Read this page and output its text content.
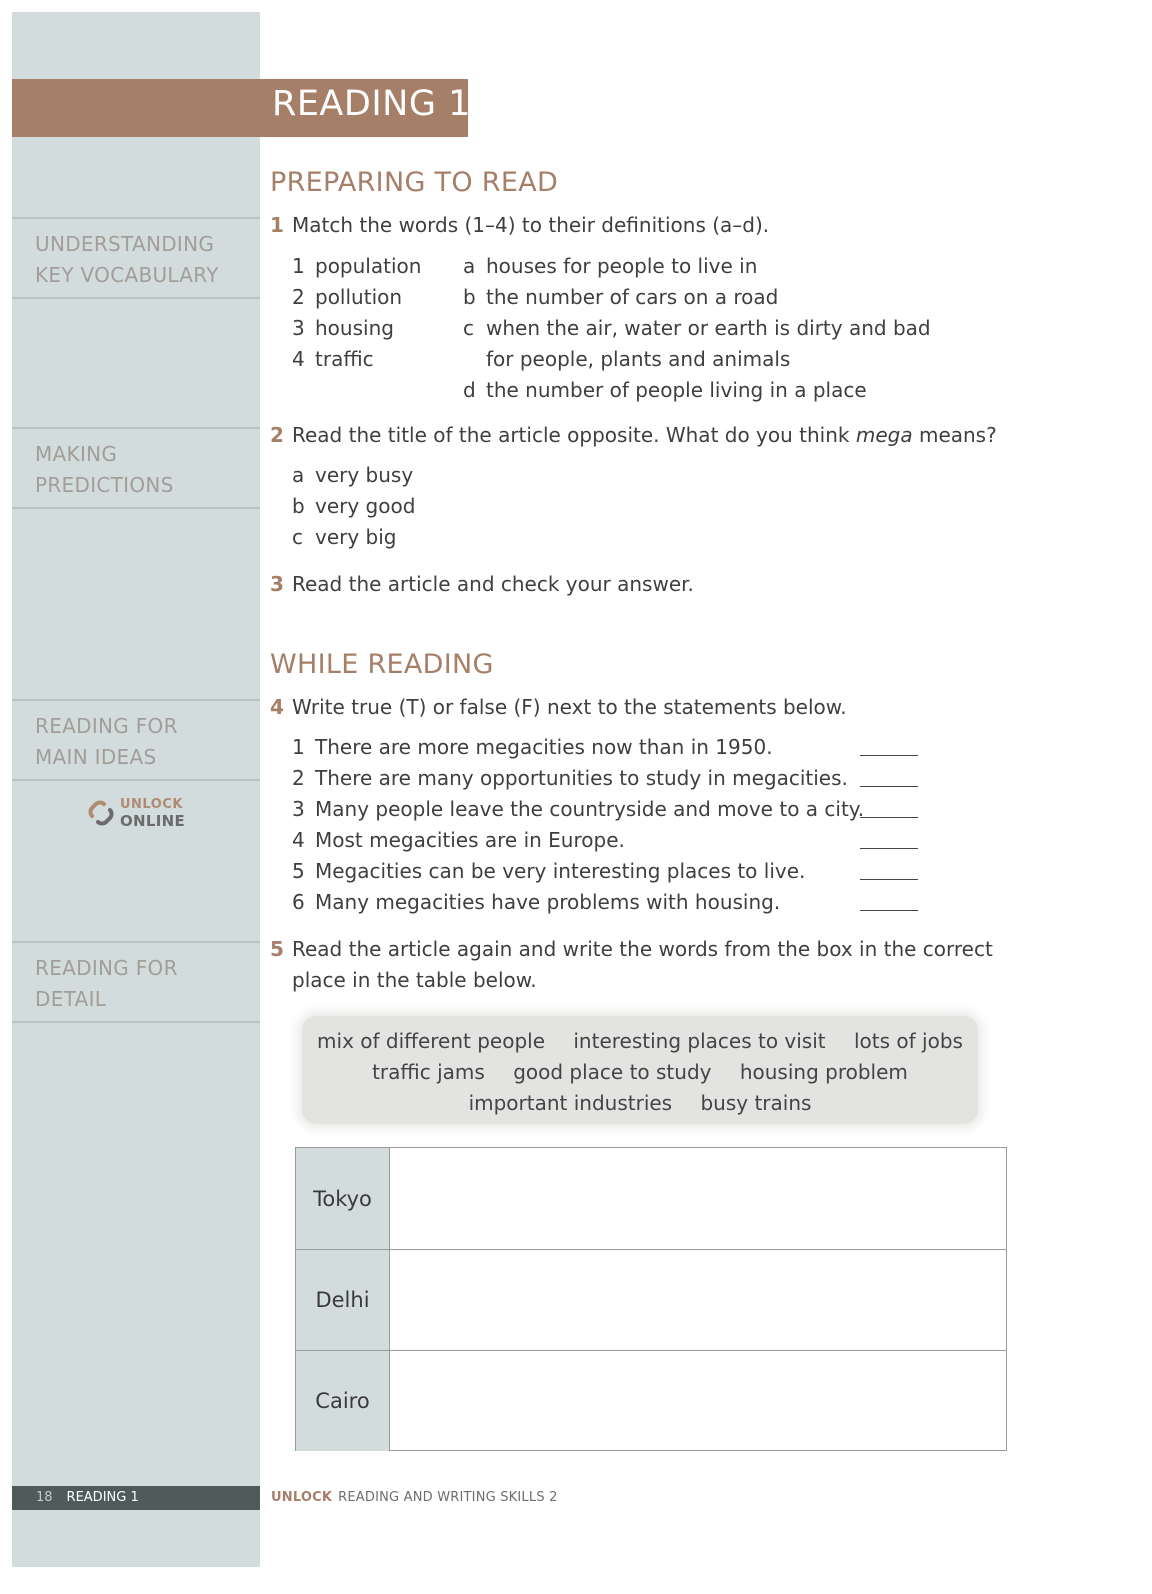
READING 1
UNDERSTANDING
KEY VOCABULARY
MAKING
PREDICTIONS
READING FOR
MAIN IDEAS
READING FOR
DETAIL
UNLOCK
ONLINE
PREPARING TO READ
1 Match the words (1–4) to their definitions (a–d).
1 population
2 pollution
3 housing
4 traffic
a houses for people to live in
b the number of cars on a road
c when the air, water or earth is dirty and bad
for people, plants and animals
d the number of people living in a place
2 Read the title of the article opposite. What do you think mega means?
a very busy
b very good
c very big
3 Read the article and check your answer.
WHILE READING
4 Write true (T) or false (F) next to the statements below.
1 There are more megacities now than in 1950.
2 There are many opportunities to study in megacities.
3 Many people leave the countryside and move to a city.
4 Most megacities are in Europe.
5 Megacities can be very interesting places to live.
6 Many megacities have problems with housing.
5 Read the article again and write the words from the box in the correct
place in the table below.
mix of different people interesting places to visit lots of jobs
traffic jams good place to study housing problem
important industries busy trains
Tokyo
Delhi
Cairo
18 READING 1	UNLOCK READING AND WRITING SKILLS 2
